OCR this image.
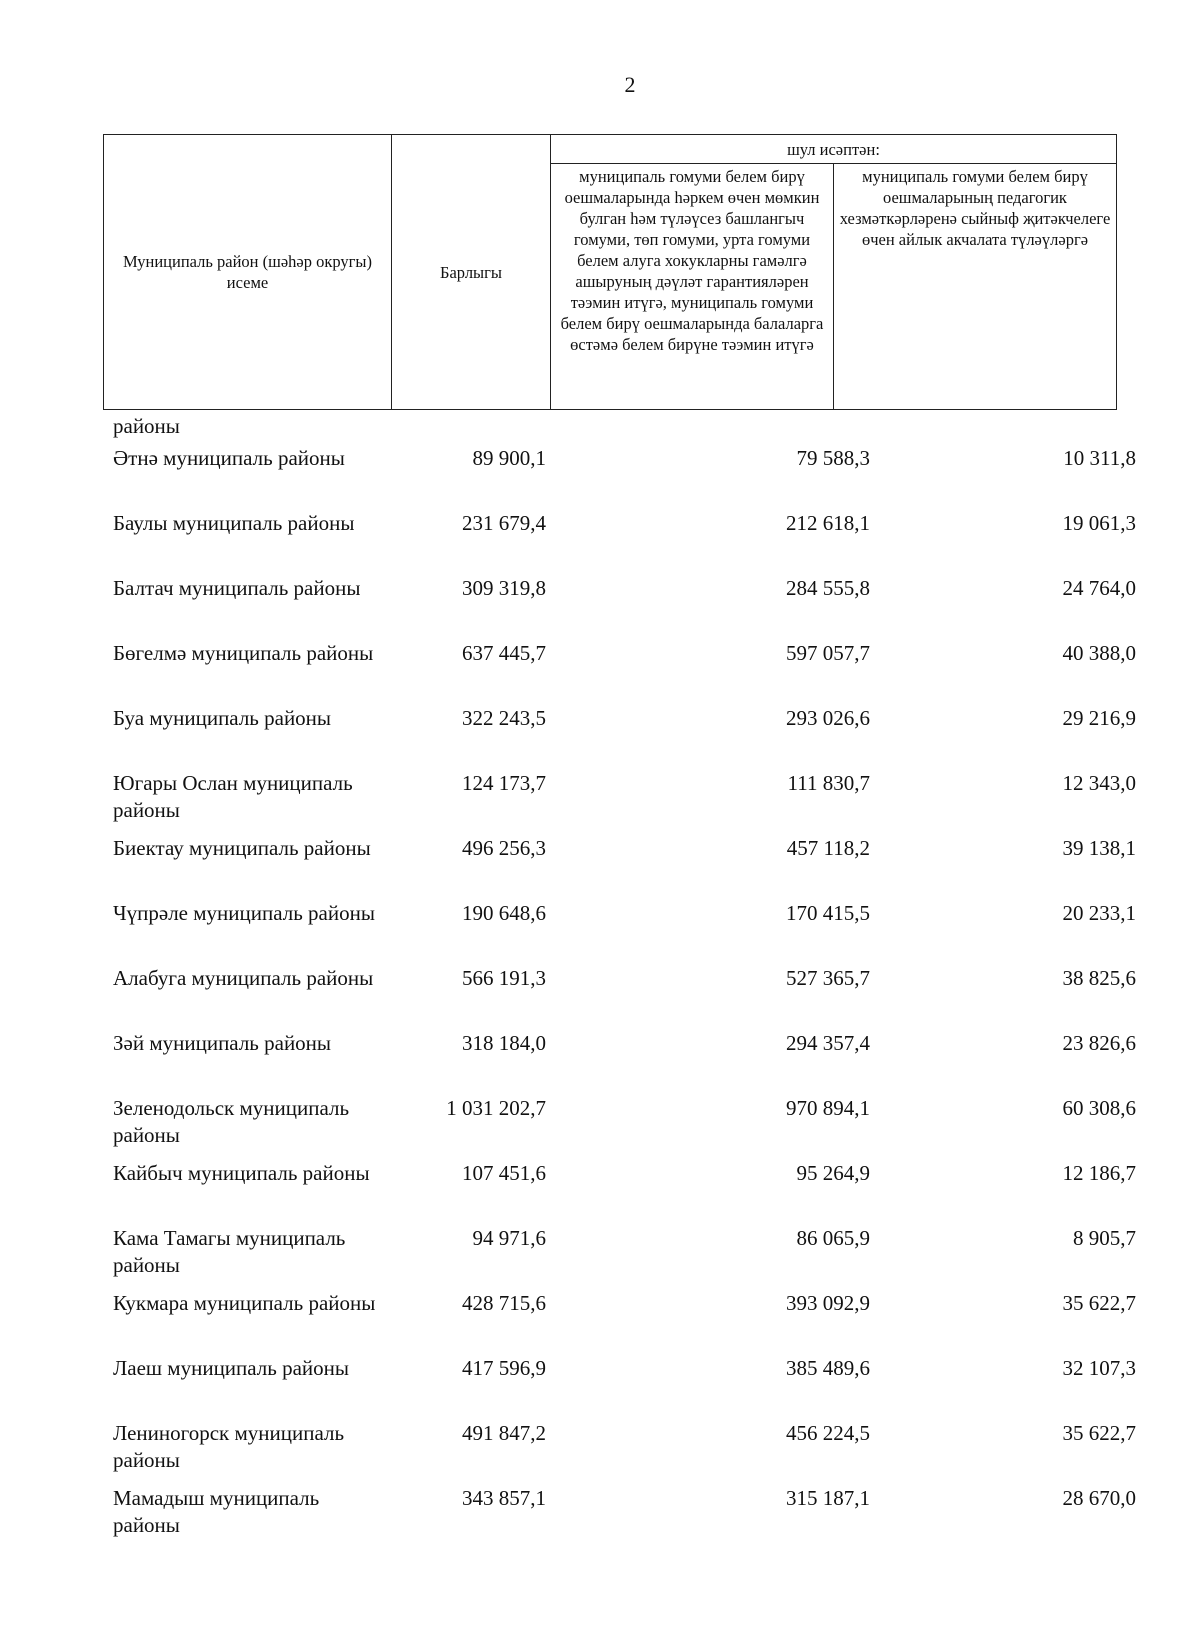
2
Муниципаль район (шәһәр округы) исеме	Барлыгы	шул исәптән:	
		муниципаль гомуми белем бирү оешмаларында һәркем өчен мөмкин булган һәм түләүсез башлангыч гомуми, төп гомуми, урта гомуми белем алуга хокукларны гамәлгә ашыруның дәүләт гарантияләрен тәэмин итүгә, муниципаль гомуми белем бирү оешмаларында балаларга өстәмә белем бирүне тәэмин итүгә	муниципаль гомуми белем бирү оешмаларының педагогик хезмәткәрләренә сыйныф җитәкчелеге өчен айлык акчалата түләүләргә
районы
Әтнә муниципаль районы	89 900,1	79 588,3	10 311,8
Баулы муниципаль районы	231 679,4	212 618,1	19 061,3
Балтач муниципаль районы	309 319,8	284 555,8	24 764,0
Бөгелмә муниципаль районы	637 445,7	597 057,7	40 388,0
Буа муниципаль районы	322 243,5	293 026,6	29 216,9
Югары Ослан муниципаль районы	124 173,7	111 830,7	12 343,0
Биектау муниципаль районы	496 256,3	457 118,2	39 138,1
Чүпрәле муниципаль районы	190 648,6	170 415,5	20 233,1
Алабуга муниципаль районы	566 191,3	527 365,7	38 825,6
Зәй муниципаль районы	318 184,0	294 357,4	23 826,6
Зеленодольск муниципаль районы	1 031 202,7	970 894,1	60 308,6
Кайбыч муниципаль районы	107 451,6	95 264,9	12 186,7
Кама Тамагы муниципаль районы	94 971,6	86 065,9	8 905,7
Кукмара муниципаль районы	428 715,6	393 092,9	35 622,7
Лаеш муниципаль районы	417 596,9	385 489,6	32 107,3
Лениногорск муниципаль районы	491 847,2	456 224,5	35 622,7
Мамадыш муниципаль районы	343 857,1	315 187,1	28 670,0
